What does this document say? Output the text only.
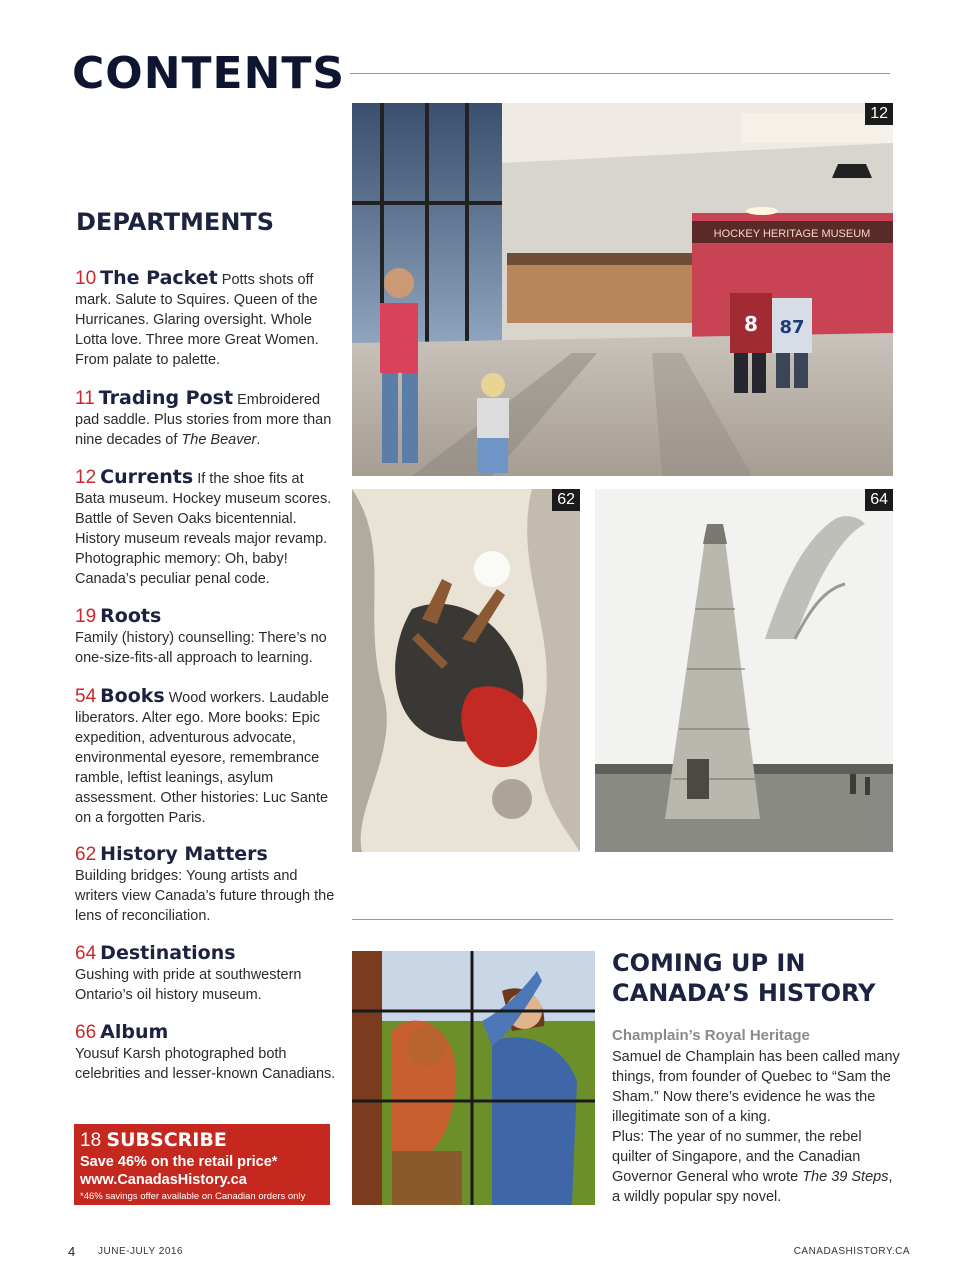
CONTENTS
DEPARTMENTS
10 The Packet Potts shots off mark. Salute to Squires. Queen of the Hurricanes. Glaring oversight. Whole Lotta love. Three more Great Women. From palate to palette.
11 Trading Post Embroidered pad saddle. Plus stories from more than nine decades of The Beaver.
12 Currents If the shoe fits at Bata museum. Hockey museum scores. Battle of Seven Oaks bicentennial. History museum reveals major revamp. Photographic memory: Oh, baby! Canada’s peculiar penal code.
19 Roots
Family (history) counselling: There’s no one-size-fits-all approach to learning.
54 Books Wood workers. Laudable liberators. Alter ego. More books: Epic expedition, adventurous advocate, environmental eyesore, remembrance ramble, leftist leanings, asylum assessment. Other histories: Luc Sante on a forgotten Paris.
62 History Matters
Building bridges: Young artists and writers view Canada’s future through the lens of reconciliation.
64 Destinations
Gushing with pride at southwestern Ontario’s oil history museum.
66 Album
Yousuf Karsh photographed both celebrities and lesser-known Canadians.
18 SUBSCRIBE
Save 46% on the retail price*
www.CanadasHistory.ca
*46% savings offer available on Canadian orders only
HOCKEY HERITAGE MUSEUM
8 87
12
62	64
COMING UP IN CANADA’S HISTORY
Champlain’s Royal Heritage
Samuel de Champlain has been called many things, from founder of Quebec to “Sam the Sham.” Now there’s evidence he was the illegitimate son of a king.
Plus: The year of no summer, the rebel quilter of Singapore, and the Canadian Governor General who wrote The 39 Steps, a wildly popular spy novel.
4 JUNE-JULY 2016	CANADASHISTORY.CA
